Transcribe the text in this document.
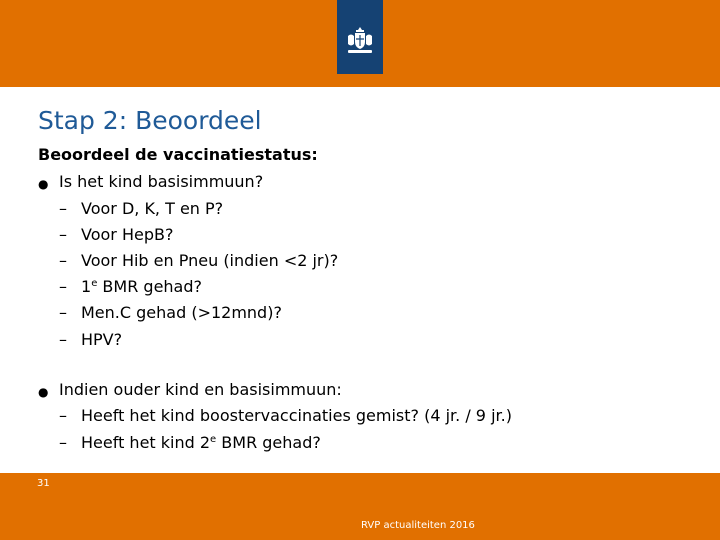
Stap 2: Beoordeel
Beoordeel de vaccinatiestatus:
● Is het kind basisimmuun?
– Voor D, K, T en P?
– Voor HepB?
– Voor Hib en Pneu (indien <2 jr)?
– 1e BMR gehad?
– Men.C gehad (>12mnd)?
– HPV?
● Indien ouder kind en basisimmuun:
– Heeft het kind boostervaccinaties gemist? (4 jr. / 9 jr.)
– Heeft het kind 2e BMR gehad?
31
RVP actualiteiten 2016
